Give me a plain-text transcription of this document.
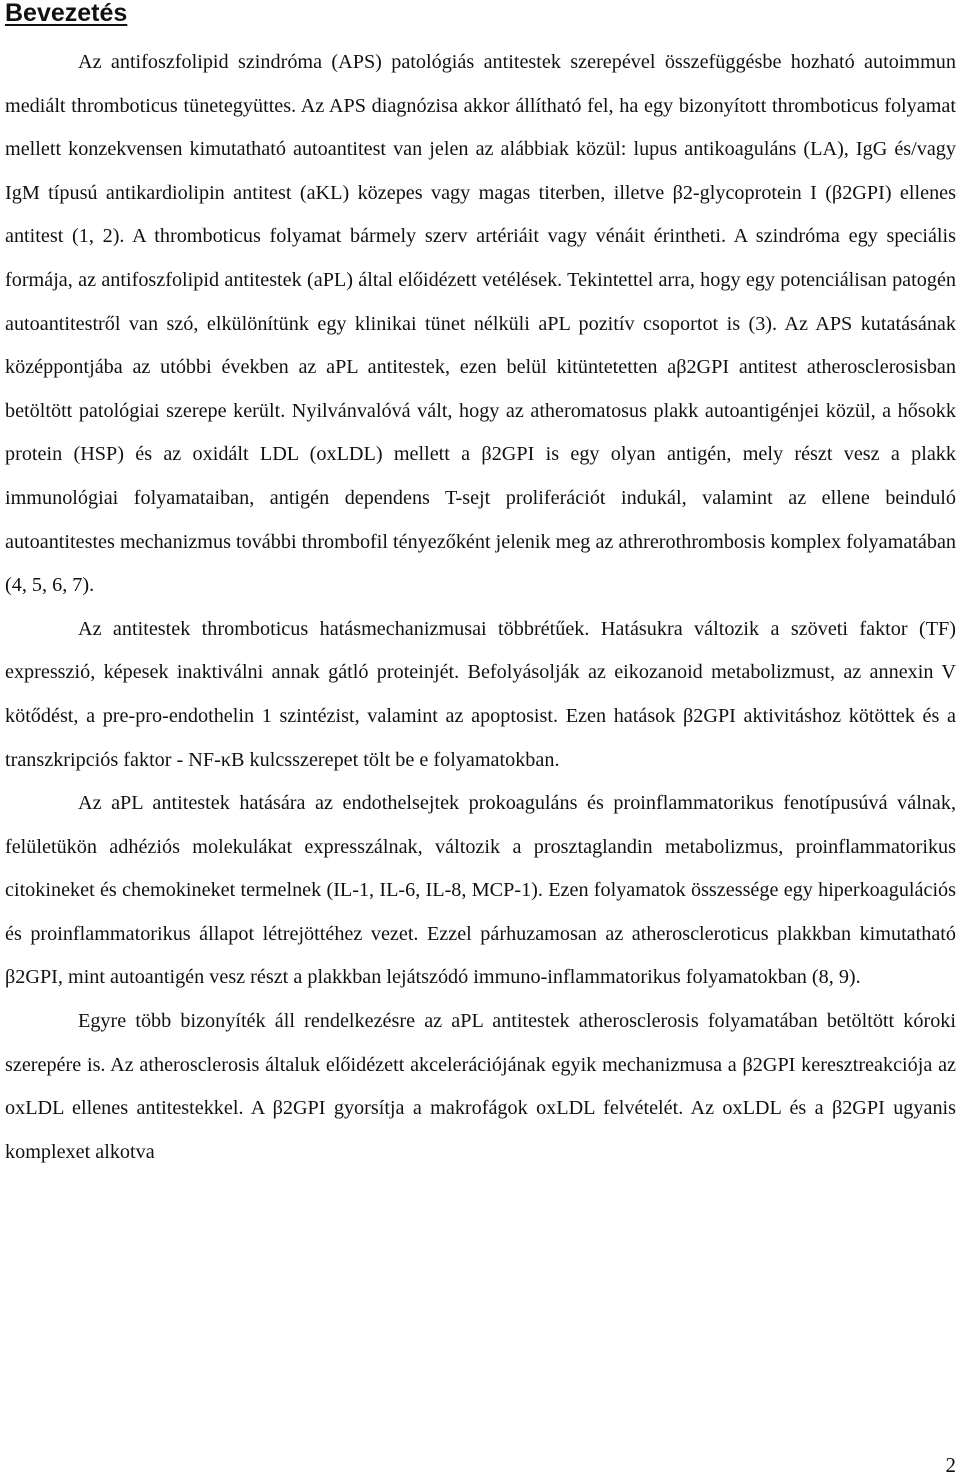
Bevezetés

Az antifoszfolipid szindróma (APS) patológiás antitestek szerepével összefüggésbe hozható autoimmun mediált thromboticus tünetegyüttes. Az APS diagnózisa akkor állítható fel, ha egy bizonyított thromboticus folyamat mellett konzekvensen kimutatható autoantitest van jelen az alábbiak közül: lupus antikoaguláns (LA), IgG és/vagy IgM típusú antikardiolipin antitest (aKL) közepes vagy magas titerben, illetve β2-glycoprotein I (β2GPI) ellenes antitest (1, 2). A thromboticus folyamat bármely szerv artériáit vagy vénáit érintheti. A szindróma egy speciális formája, az antifoszfolipid antitestek (aPL) által előidézett vetélések. Tekintettel arra, hogy egy potenciálisan patogén autoantitestről van szó, elkülönítünk egy klinikai tünet nélküli aPL pozitív csoportot is (3). Az APS kutatásának középpontjába az utóbbi években az aPL antitestek, ezen belül kitüntetetten aβ2GPI antitest atherosclerosisban betöltött patológiai szerepe került. Nyilvánvalóvá vált, hogy az atheromatosus plakk autoantigénjei közül, a hősokk protein (HSP) és az oxidált LDL (oxLDL) mellett a β2GPI is egy olyan antigén, mely részt vesz a plakk immunológiai folyamataiban, antigén dependens T-sejt proliferációt indukál, valamint az ellene beinduló autoantitestes mechanizmus további thrombofil tényezőként jelenik meg az athrerothrombosis komplex folyamatában (4, 5, 6, 7).

Az antitestek thromboticus hatásmechanizmusai többrétűek. Hatásukra változik a szöveti faktor (TF) expresszió, képesek inaktiválni annak gátló proteinjét. Befolyásolják az eikozanoid metabolizmust, az annexin V kötődést, a pre-pro-endothelin 1 szintézist, valamint az apoptosist. Ezen hatások β2GPI aktivitáshoz kötöttek és a transzkripciós faktor - NF-κB kulcsszerepet tölt be e folyamatokban.

Az aPL antitestek hatására az endothelsejtek prokoaguláns és proinflammatorikus fenotípusúvá válnak, felületükön adhéziós molekulákat expresszálnak, változik a prosztaglandin metabolizmus, proinflammatorikus citokineket és chemokineket termelnek (IL-1, IL-6, IL-8, MCP-1). Ezen folyamatok összessége egy hiperkoagulációs és proinflammatorikus állapot létrejöttéhez vezet. Ezzel párhuzamosan az atheroscleroticus plakkban kimutatható β2GPI, mint autoantigén vesz részt a plakkban lejátszódó immuno-inflammatorikus folyamatokban (8, 9).

Egyre több bizonyíték áll rendelkezésre az aPL antitestek atherosclerosis folyamatában betöltött kóroki szerepére is. Az atherosclerosis általuk előidézett akcelerációjának egyik mechanizmusa a β2GPI keresztreakciója az oxLDL ellenes antitestekkel. A β2GPI gyorsítja a makrofágok oxLDL felvételét. Az oxLDL és a β2GPI ugyanis komplexet alkotva

2
